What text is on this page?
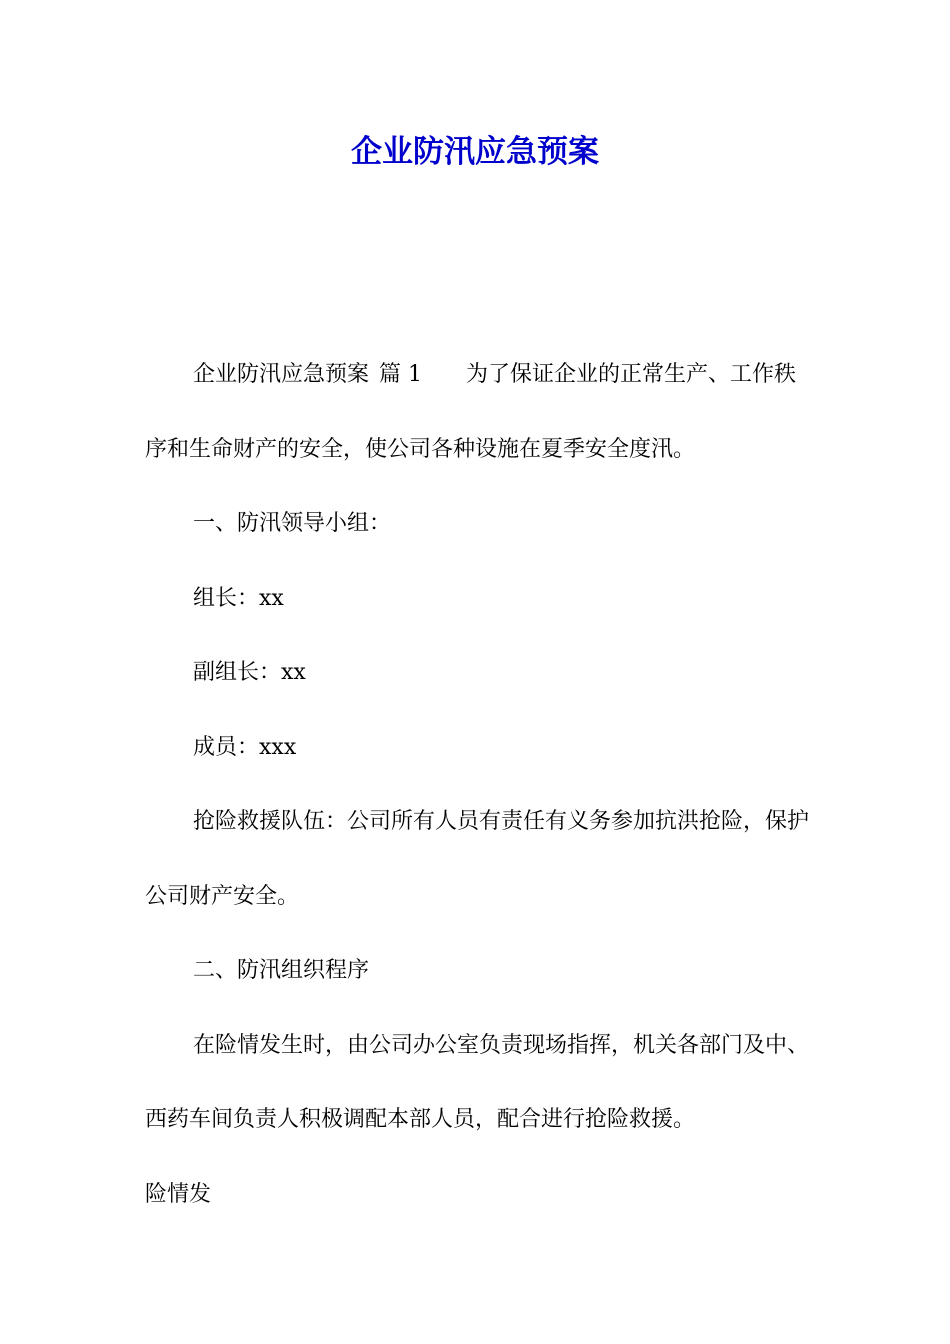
企业防汛应急预案

企业防汛应急预案 篇 1 为了保证企业的正常生产、工作秩序和生命财产的安全，使公司各种设施在夏季安全度汛。

一、防汛领导小组：

组长：xx

副组长：xx

成员：xxx

抢险救援队伍：公司所有人员有责任有义务参加抗洪抢险，保护公司财产安全。

二、防汛组织程序

在险情发生时，由公司办公室负责现场指挥，机关各部门及中、西药车间负责人积极调配本部人员，配合进行抢险救援。

险情发
